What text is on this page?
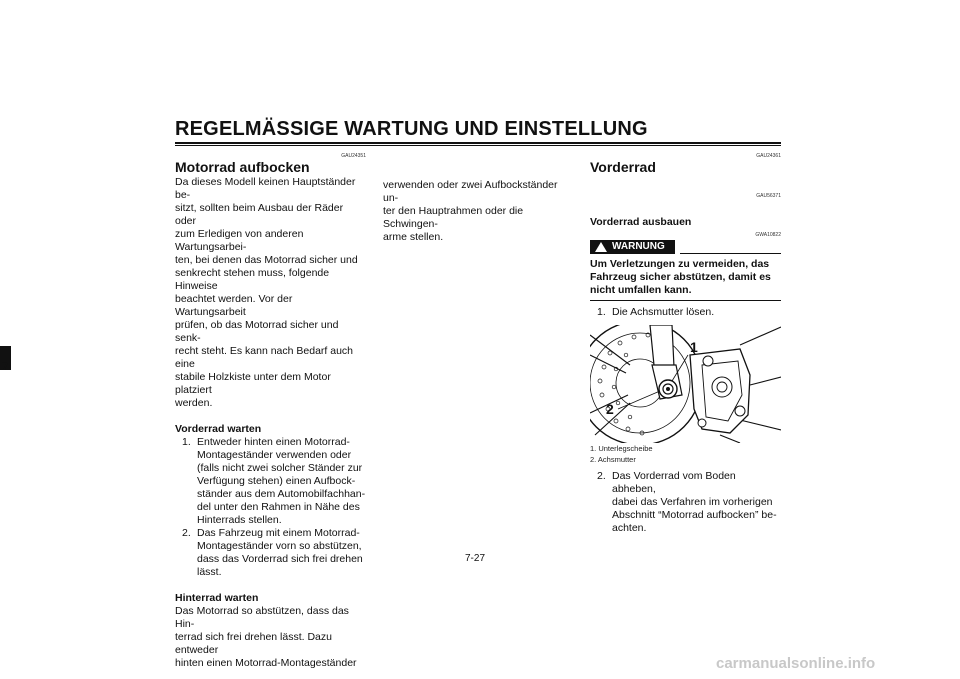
REGELMÄSSIGE WARTUNG UND EINSTELLUNG
7
GAU24351
Motorrad aufbocken
Da dieses Modell keinen Hauptständer be-
sitzt, sollten beim Ausbau der Räder oder
zum Erledigen von anderen Wartungsarbei-
ten, bei denen das Motorrad sicher und
senkrecht stehen muss, folgende Hinweise
beachtet werden. Vor der Wartungsarbeit
prüfen, ob das Motorrad sicher und senk-
recht steht. Es kann nach Bedarf auch eine
stabile Holzkiste unter dem Motor platziert
werden.
Vorderrad warten
1. Entweder hinten einen Motorrad-
Montageständer verwenden oder
(falls nicht zwei solcher Ständer zur
Verfügung stehen) einen Aufbock-
ständer aus dem Automobilfachhan-
del unter den Rahmen in Nähe des
Hinterrads stellen.
2. Das Fahrzeug mit einem Motorrad-
Montageständer vorn so abstützen,
dass das Vorderrad sich frei drehen
lässt.
Hinterrad warten
Das Motorrad so abstützen, dass das Hin-
terrad sich frei drehen lässt. Dazu entweder
hinten einen Motorrad-Montageständer
verwenden oder zwei Aufbockständer un-
ter den Hauptrahmen oder die Schwingen-
arme stellen.
GAU24361
Vorderrad
GAU56371
Vorderrad ausbauen
GWA10822
! WARNUNG
Um Verletzungen zu vermeiden, das
Fahrzeug sicher abstützen, damit es
nicht umfallen kann.
1. Die Achsmutter lösen.
1
2
1. Unterlegscheibe
2. Achsmutter
2. Das Vorderrad vom Boden abheben,
dabei das Verfahren im vorherigen
Abschnitt “Motorrad aufbocken” be-
achten.
7-27
carmanualsonline.info
